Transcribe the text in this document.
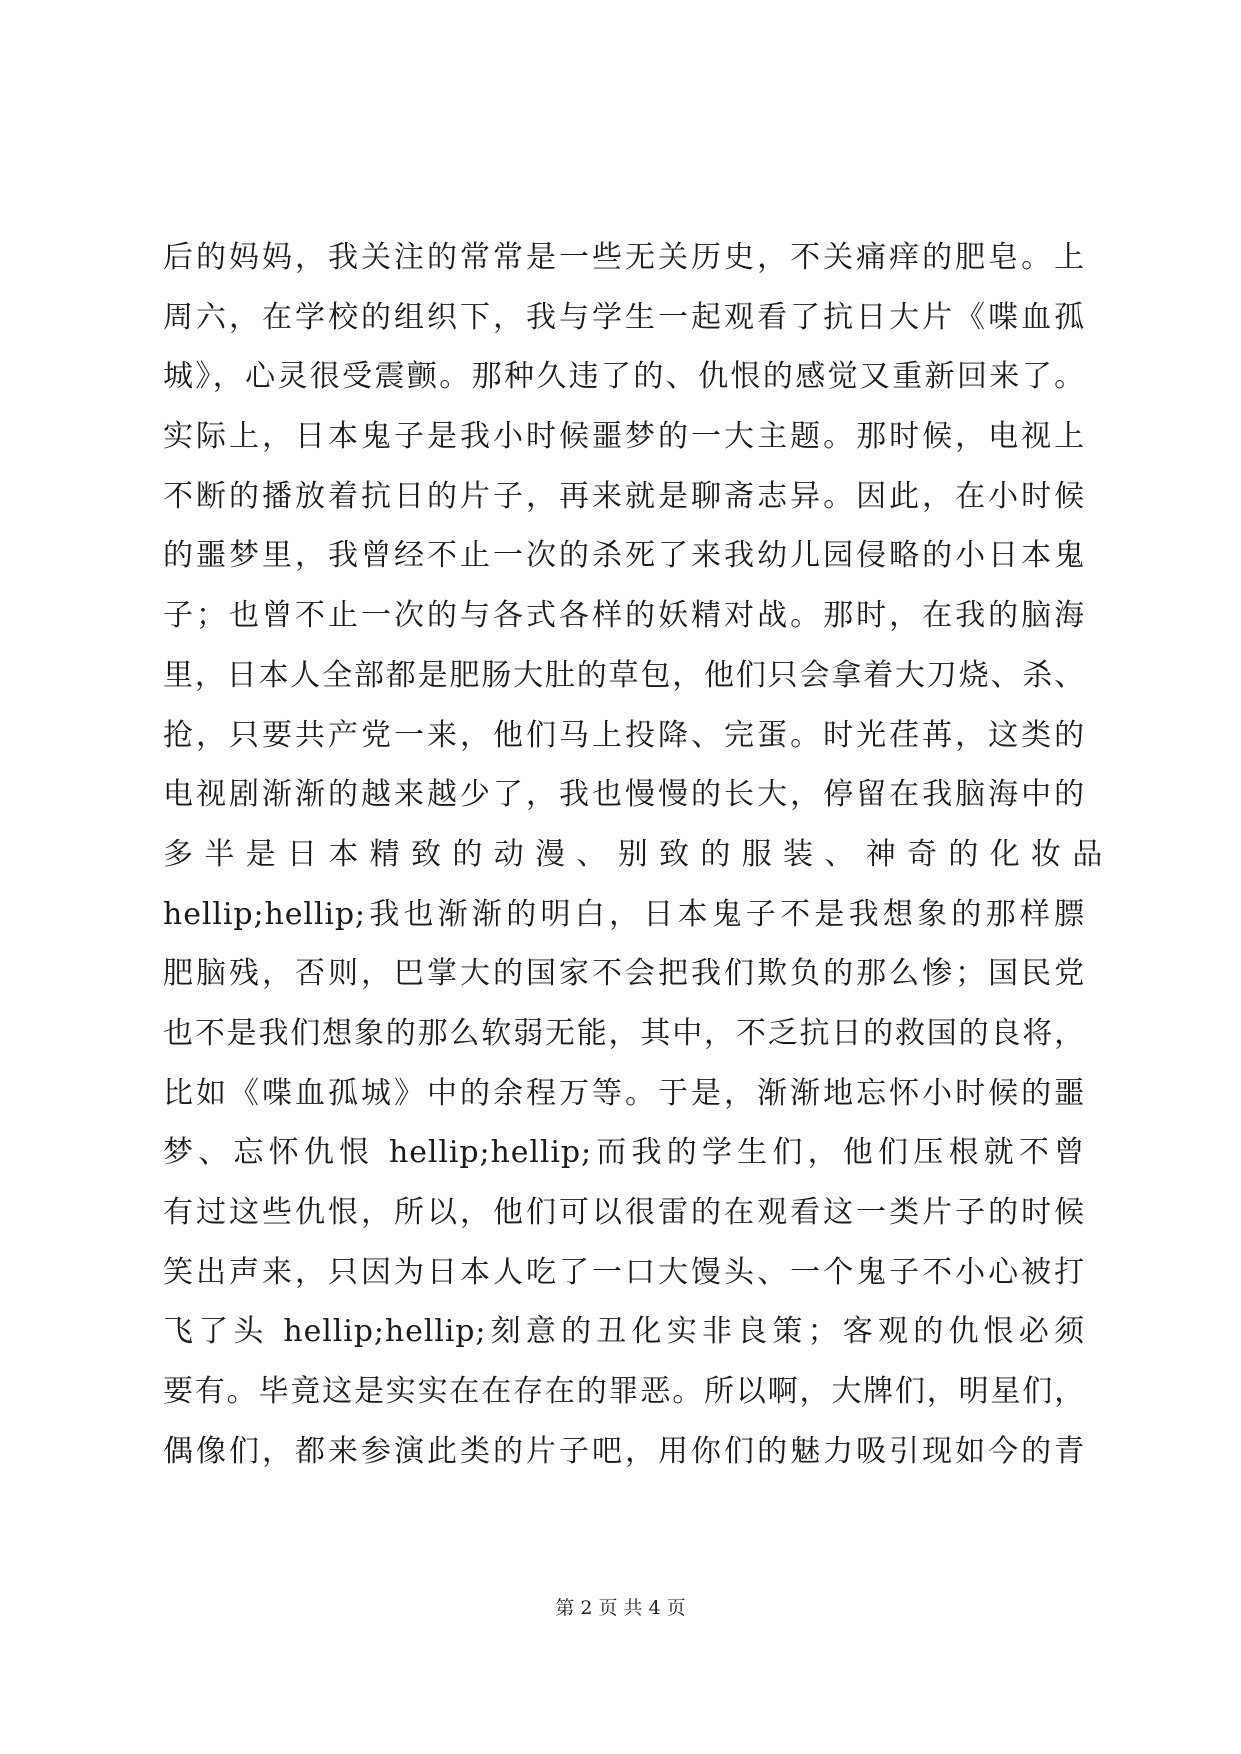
后的妈妈，我关注的常常是一些无关历史，不关痛痒的肥皂。上
周六，在学校的组织下，我与学生一起观看了抗日大片《喋血孤
城》，心灵很受震颤。那种久违了的、仇恨的感觉又重新回来了。
实际上，日本鬼子是我小时候噩梦的一大主题。那时候，电视上
不断的播放着抗日的片子，再来就是聊斋志异。因此，在小时候
的噩梦里，我曾经不止一次的杀死了来我幼儿园侵略的小日本鬼
子；也曾不止一次的与各式各样的妖精对战。那时，在我的脑海
里，日本人全部都是肥肠大肚的草包，他们只会拿着大刀烧、杀、
抢，只要共产党一来，他们马上投降、完蛋。时光荏苒，这类的
电视剧渐渐的越来越少了，我也慢慢的长大，停留在我脑海中的
多 半 是 日 本 精 致 的 动 漫 、 别 致 的 服 装 、 神 奇 的 化 妆 品
hellip;hellip;我也渐渐的明白，日本鬼子不是我想象的那样膘
肥脑残，否则，巴掌大的国家不会把我们欺负的那么惨；国民党
也不是我们想象的那么软弱无能，其中，不乏抗日的救国的良将，
比如《喋血孤城》中的余程万等。于是，渐渐地忘怀小时候的噩
梦、忘怀仇恨 hellip;hellip;而我的学生们，他们压根就不曾
有过这些仇恨，所以，他们可以很雷的在观看这一类片子的时候
笑出声来，只因为日本人吃了一口大馒头、一个鬼子不小心被打
飞了头 hellip;hellip;刻意的丑化实非良策；客观的仇恨必须
要有。毕竟这是实实在在存在的罪恶。所以啊，大牌们，明星们，
偶像们，都来参演此类的片子吧，用你们的魅力吸引现如今的青
第 2 页 共 4 页
